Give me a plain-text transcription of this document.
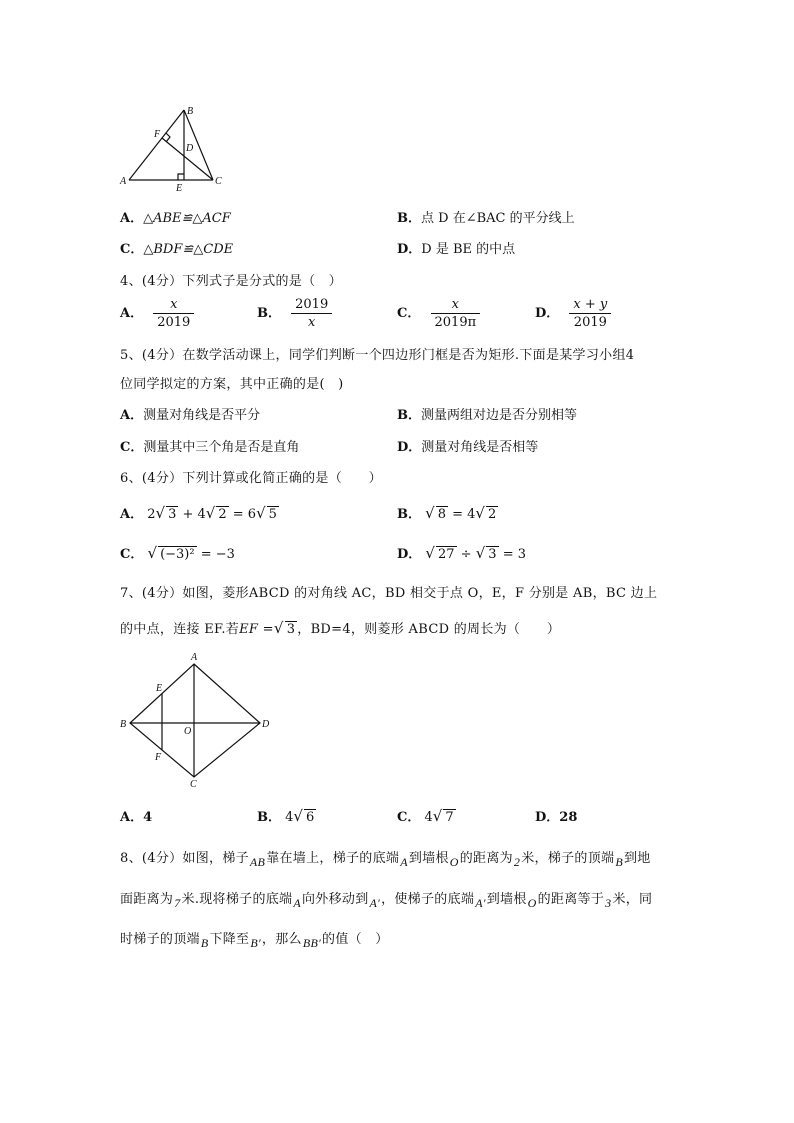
B
F
D
A
E
C
A．△ABE≌△ACF	B．点 D 在∠BAC 的平分线上
C．△BDF≌△CDE	D．D 是 BE 的中点
4、(4分）下列式子是分式的是（　）
A． $\frac{x}{2019}$	B． $\frac{2019}{x}$	C． $\frac{x}{2019\pi}$	D． $\frac{x + y}{2019}$
5、(4分）在数学活动课上，同学们判断一个四边形门框是否为矩形.下面是某学习小组4
位同学拟定的方案，其中正确的是(　)
A．测量对角线是否平分	B．测量两组对边是否分别相等
C．测量其中三个角是否是直角	D．测量对角线是否相等
6、(4分）下列计算或化简正确的是（　　）
A． 2√ 3 + 4√ 2 = 6√ 5	B． √ 8 = 4√ 2
C． √ (−3)² = −3	D． √ 27 ÷ √ 3 = 3
7、(4分）如图，菱形ABCD 的对角线 AC，BD 相交于点 O，E，F 分别是 AB，BC 边上
的中点，连接 EF.若EF =√ 3 ，BD=4，则菱形 ABCD 的周长为（　　）
A
E
B
O
D
F
C
A．4	B． 4√ 6	C． 4√ 7	D．28
8、(4分）如图，梯子AB靠在墙上，梯子的底端A到墙根O的距离为2米，梯子的顶端B到地
面距离为7米.现将梯子的底端A向外移动到A′，使梯子的底端A′到墙根O的距离等于3米，同
时梯子的顶端B下降至B′，那么BB′的值（　）
